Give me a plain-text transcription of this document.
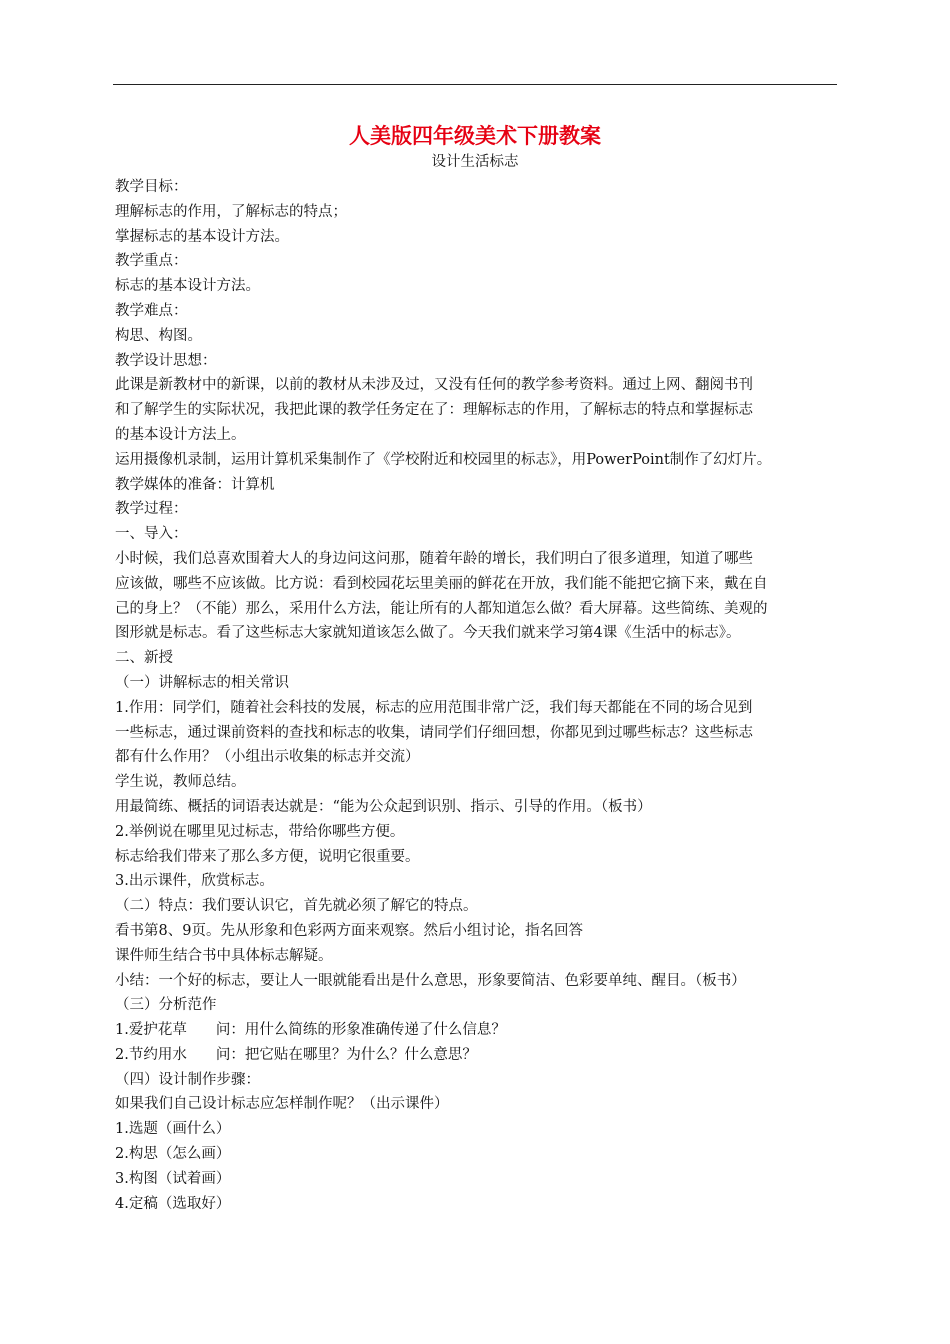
人美版四年级美术下册教案
设计生活标志
教学目标：
理解标志的作用，了解标志的特点；
掌握标志的基本设计方法。
教学重点：
标志的基本设计方法。
教学难点：
构思、构图。
教学设计思想：
此课是新教材中的新课，以前的教材从未涉及过，又没有任何的教学参考资料。通过上网、翻阅书刊
和了解学生的实际状况，我把此课的教学任务定在了：理解标志的作用，了解标志的特点和掌握标志
的基本设计方法上。
运用摄像机录制，运用计算机采集制作了《学校附近和校园里的标志》，用PowerPoint制作了幻灯片。
教学媒体的准备：计算机
教学过程：
一、导入：
小时候，我们总喜欢围着大人的身边问这问那，随着年龄的增长，我们明白了很多道理，知道了哪些
应该做，哪些不应该做。比方说：看到校园花坛里美丽的鲜花在开放，我们能不能把它摘下来，戴在自
己的身上？（不能）那么，采用什么方法，能让所有的人都知道怎么做？看大屏幕。这些简练、美观的
图形就是标志。看了这些标志大家就知道该怎么做了。今天我们就来学习第4课《生活中的标志》。
二、新授
（一）讲解标志的相关常识
1.作用：同学们，随着社会科技的发展，标志的应用范围非常广泛，我们每天都能在不同的场合见到
一些标志，通过课前资料的查找和标志的收集，请同学们仔细回想，你都见到过哪些标志？这些标志
都有什么作用？（小组出示收集的标志并交流）
学生说，教师总结。
用最简练、概括的词语表达就是：“能为公众起到识别、指示、引导的作用。（板书）
2.举例说在哪里见过标志，带给你哪些方便。
标志给我们带来了那么多方便，说明它很重要。
3.出示课件，欣赏标志。
（二）特点：我们要认识它，首先就必须了解它的特点。
看书第8、9页。先从形象和色彩两方面来观察。然后小组讨论，指名回答
课件师生结合书中具体标志解疑。
小结：一个好的标志，要让人一眼就能看出是什么意思，形象要简洁、色彩要单纯、醒目。（板书）
（三）分析范作
1.爱护花草　　问：用什么简练的形象准确传递了什么信息？
2.节约用水　　问：把它贴在哪里？为什么？什么意思？
（四）设计制作步骤：
如果我们自己设计标志应怎样制作呢？（出示课件）
1.选题（画什么）
2.构思（怎么画）
3.构图（试着画）
4.定稿（选取好）
